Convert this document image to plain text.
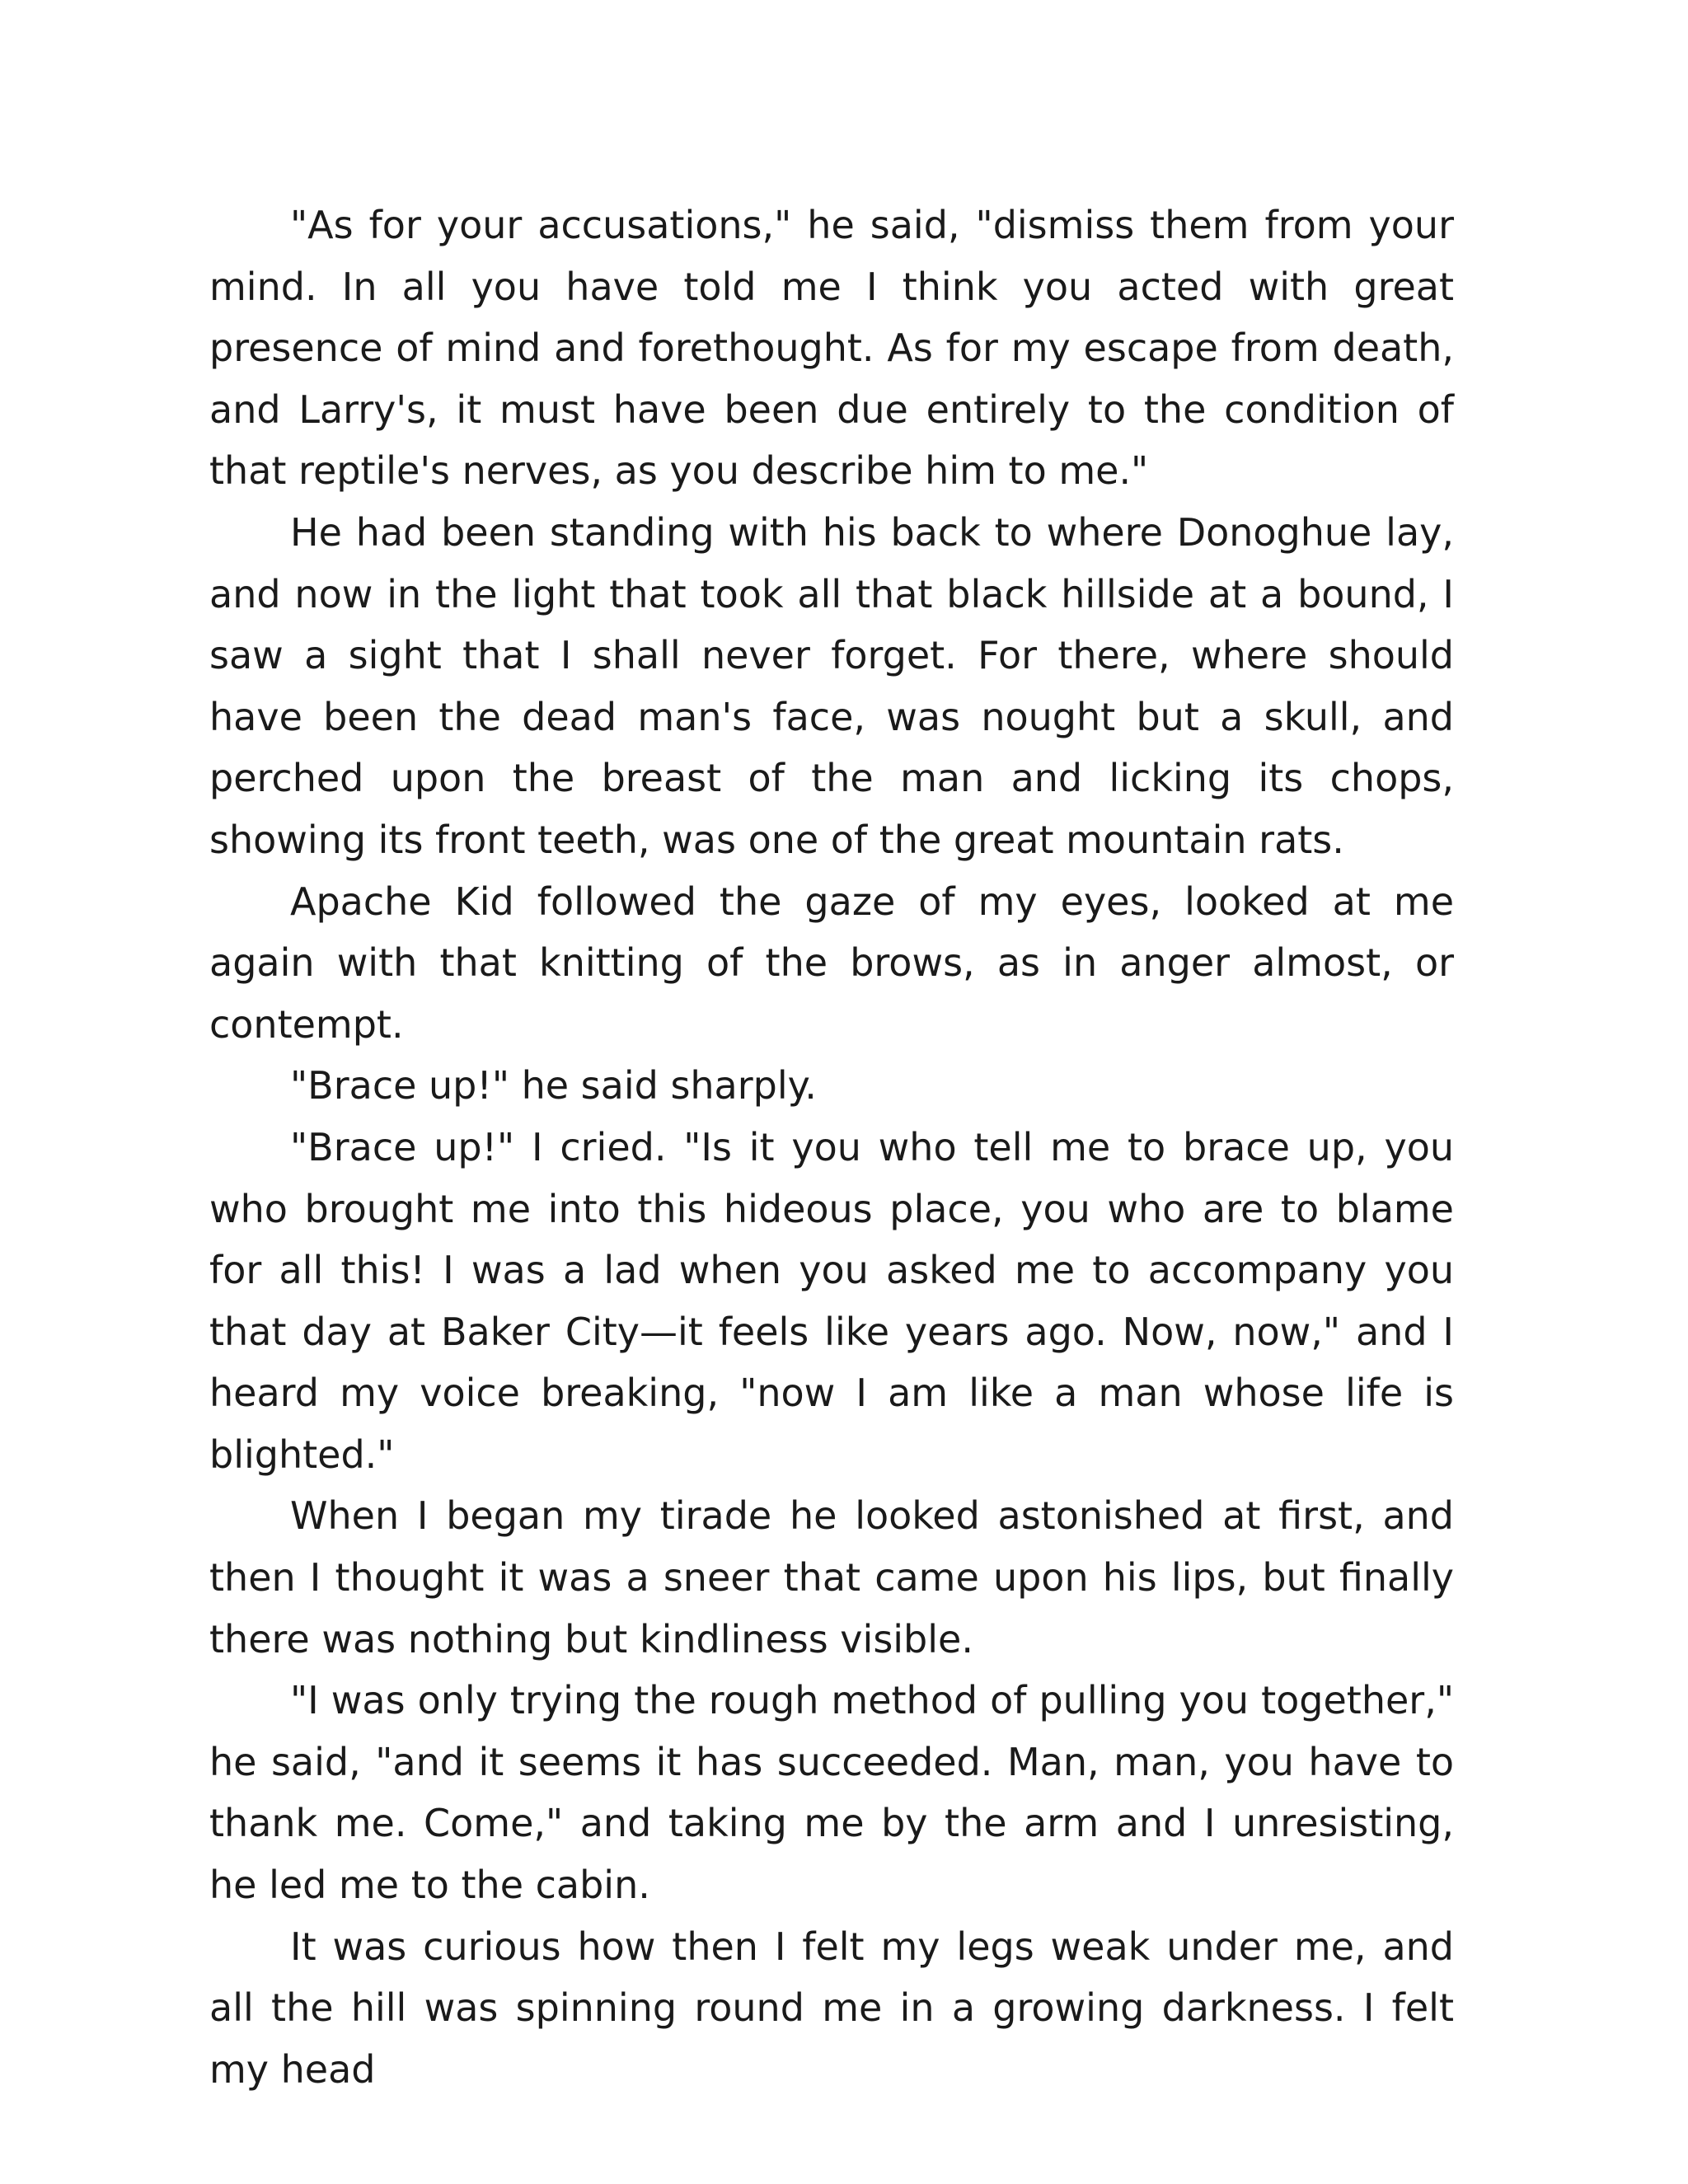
"As for your accusations," he said, "dismiss them from your mind. In all you have told me I think you acted with great presence of mind and forethought. As for my escape from death, and Larry's, it must have been due entirely to the condition of that reptile's nerves, as you describe him to me."

He had been standing with his back to where Donoghue lay, and now in the light that took all that black hillside at a bound, I saw a sight that I shall never forget. For there, where should have been the dead man's face, was nought but a skull, and perched upon the breast of the man and licking its chops, showing its front teeth, was one of the great mountain rats.

Apache Kid followed the gaze of my eyes, looked at me again with that knitting of the brows, as in anger almost, or contempt.

"Brace up!" he said sharply.

"Brace up!" I cried. "Is it you who tell me to brace up, you who brought me into this hideous place, you who are to blame for all this! I was a lad when you asked me to accompany you that day at Baker City—it feels like years ago. Now, now," and I heard my voice breaking, "now I am like a man whose life is blighted."

When I began my tirade he looked astonished at first, and then I thought it was a sneer that came upon his lips, but finally there was nothing but kindliness visible.

"I was only trying the rough method of pulling you together," he said, "and it seems it has succeeded. Man, man, you have to thank me. Come," and taking me by the arm and I unresisting, he led me to the cabin.

It was curious how then I felt my legs weak under me, and all the hill was spinning round me in a growing darkness. I felt my head
